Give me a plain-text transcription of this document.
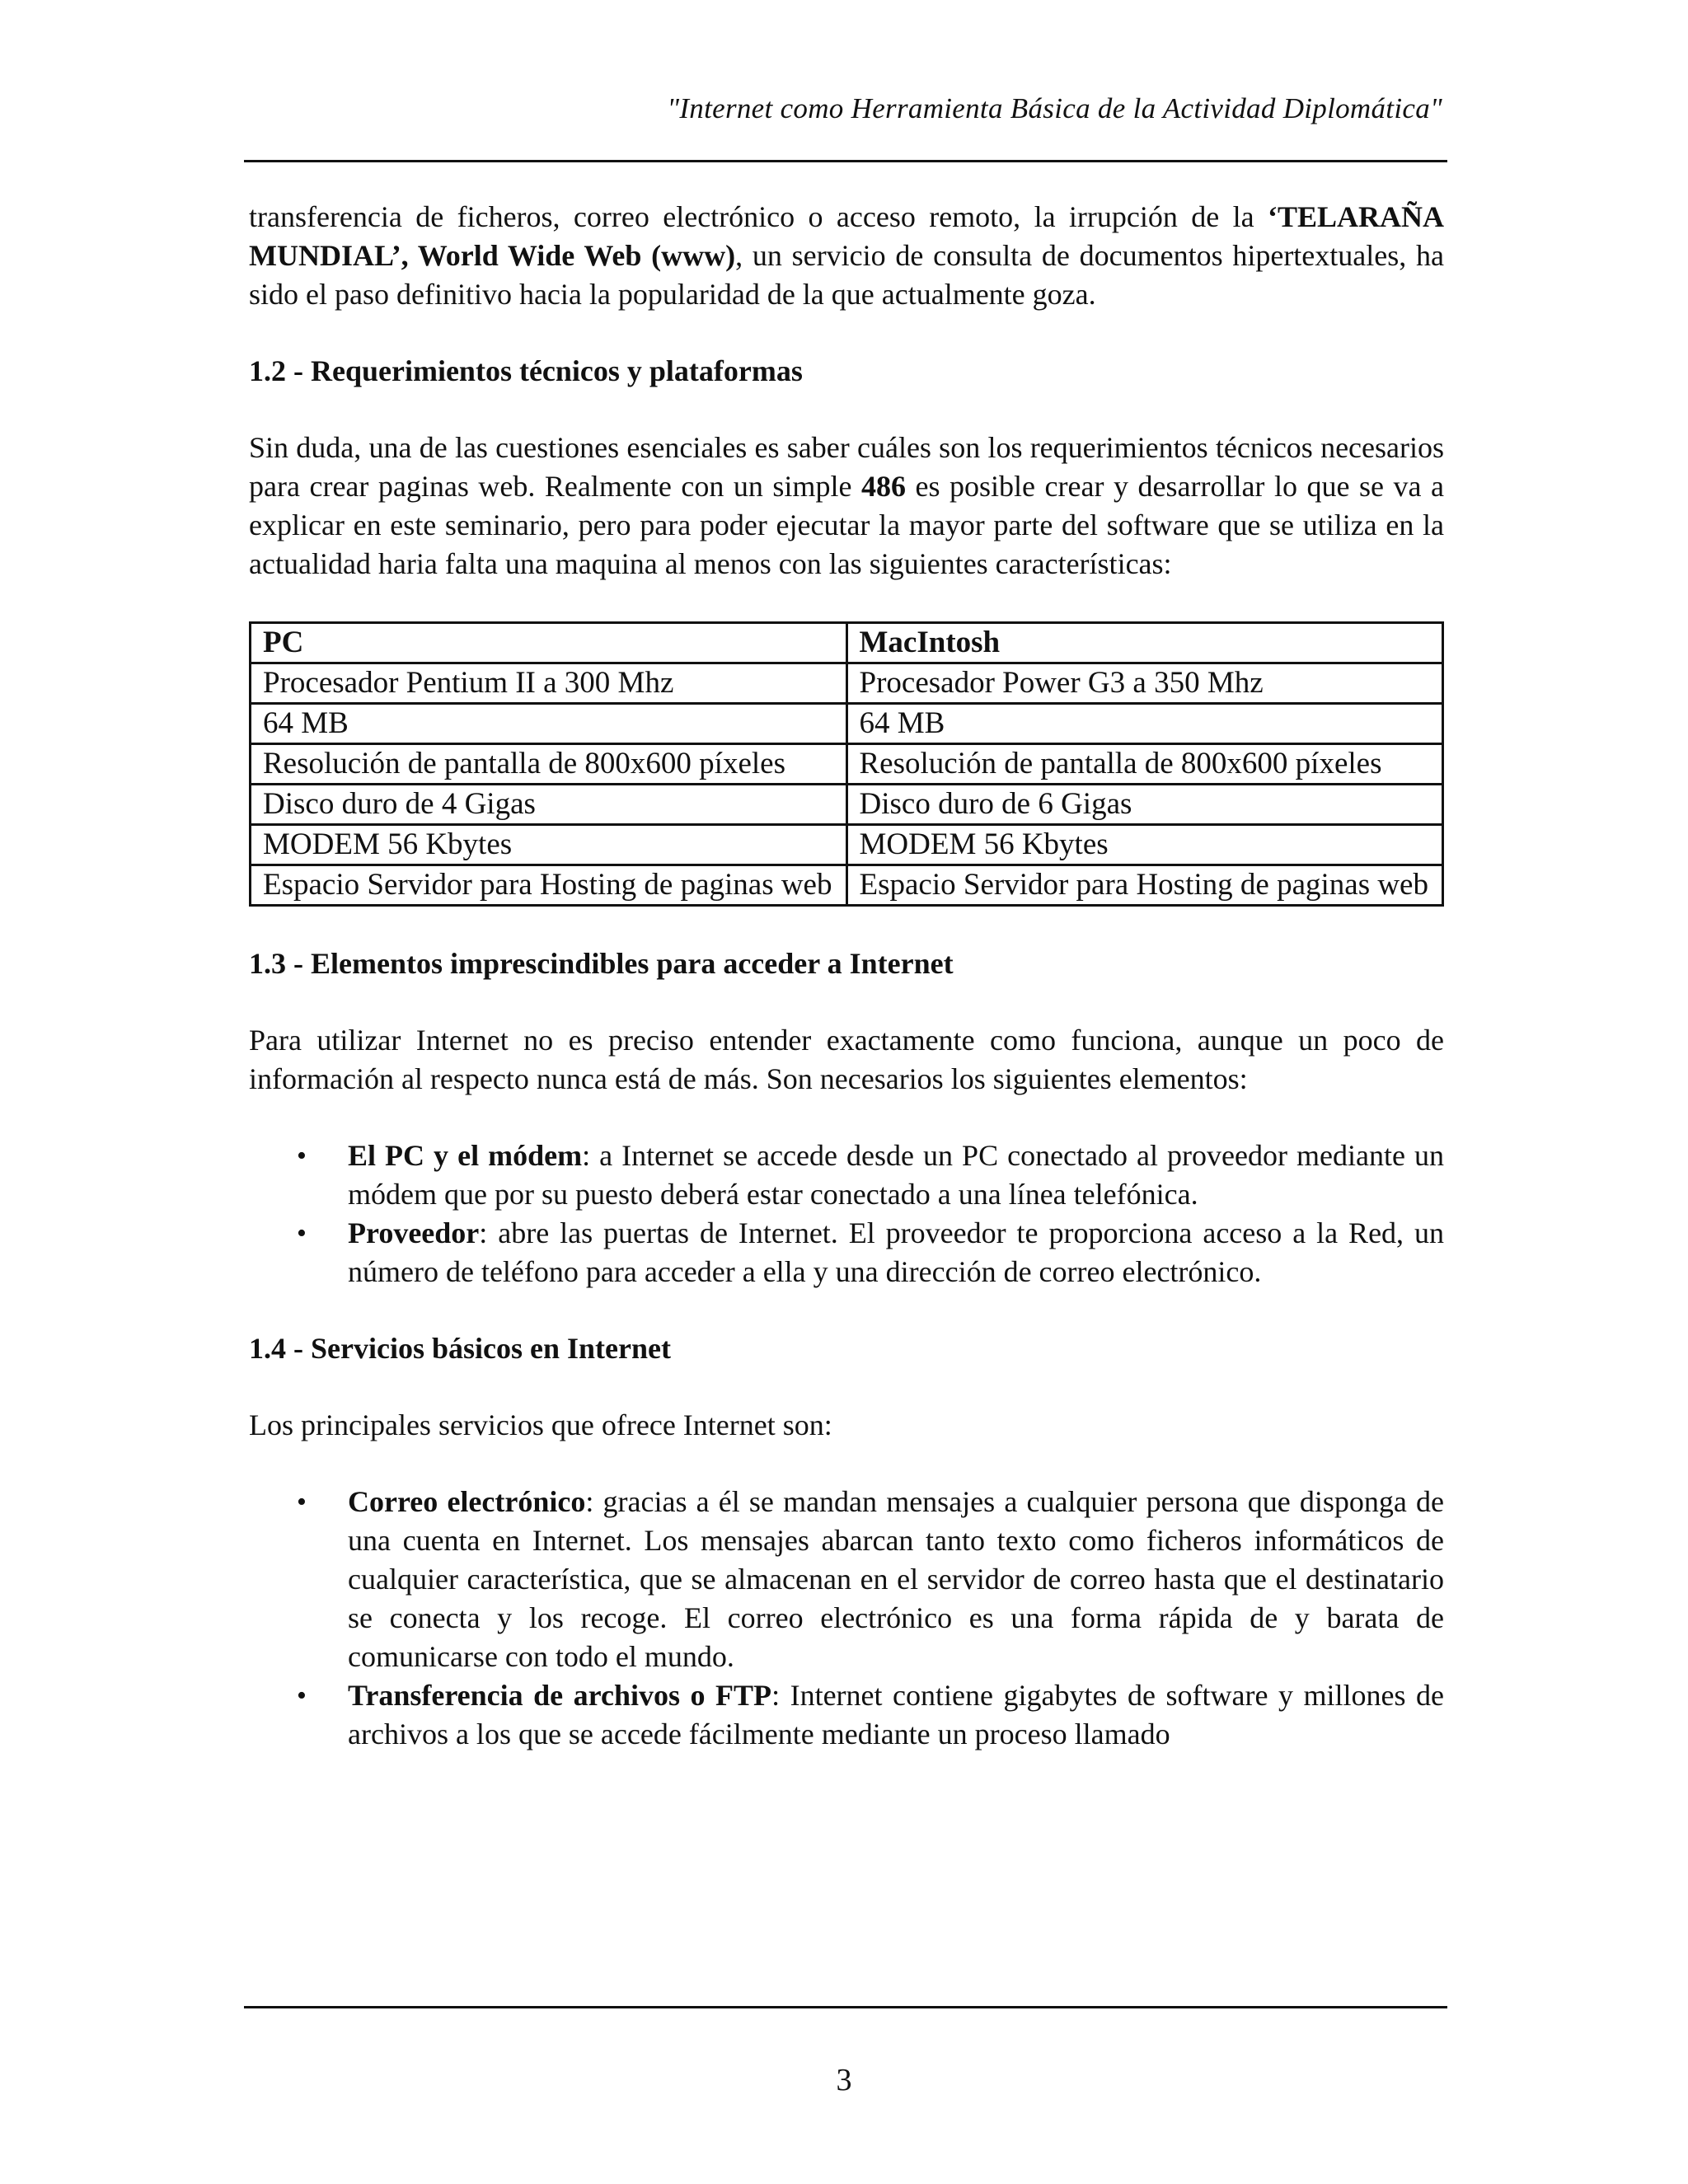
"Internet como Herramienta Básica de la Actividad Diplomática"

transferencia de ficheros, correo electrónico o acceso remoto, la irrupción de la ‘TELARAÑA MUNDIAL’, World Wide Web (www), un servicio de consulta de documentos hipertextuales, ha sido el paso definitivo hacia la popularidad de la que actualmente goza.

1.2 - Requerimientos técnicos y plataformas

Sin duda, una de las cuestiones esenciales es saber cuáles son los requerimientos técnicos necesarios para crear paginas web. Realmente con un simple 486 es posible crear y desarrollar lo que se va a explicar en este seminario, pero para poder ejecutar la mayor parte del software que se utiliza en la actualidad haria falta una maquina al menos con las siguientes características:

PC	MacIntosh
Procesador Pentium II a 300 Mhz	Procesador Power G3 a 350 Mhz
64 MB	64 MB
Resolución de pantalla de 800x600 píxeles	Resolución de pantalla de 800x600 píxeles
Disco duro de 4 Gigas	Disco duro de 6 Gigas
MODEM 56 Kbytes	MODEM 56 Kbytes
Espacio Servidor para Hosting de paginas web	Espacio Servidor para Hosting de paginas web
1.3 - Elementos imprescindibles para acceder a Internet

Para utilizar Internet no es preciso entender exactamente como funciona, aunque un poco de información al respecto nunca está de más. Son necesarios los siguientes elementos:

• El PC y el módem: a Internet se accede desde un PC conectado al proveedor mediante un módem que por su puesto deberá estar conectado a una línea telefónica.

• Proveedor: abre las puertas de Internet. El proveedor te proporciona acceso a la Red, un número de teléfono para acceder a ella y una dirección de correo electrónico.

1.4 - Servicios básicos en Internet

Los principales servicios que ofrece Internet son:

• Correo electrónico: gracias a él se mandan mensajes a cualquier persona que disponga de una cuenta en Internet. Los mensajes abarcan tanto texto como ficheros informáticos de cualquier característica, que se almacenan en el servidor de correo hasta que el destinatario se conecta y los recoge. El correo electrónico es una forma rápida de y barata de comunicarse con todo el mundo.

• Transferencia de archivos o FTP: Internet contiene gigabytes de software y millones de archivos a los que se accede fácilmente mediante un proceso llamado

3
